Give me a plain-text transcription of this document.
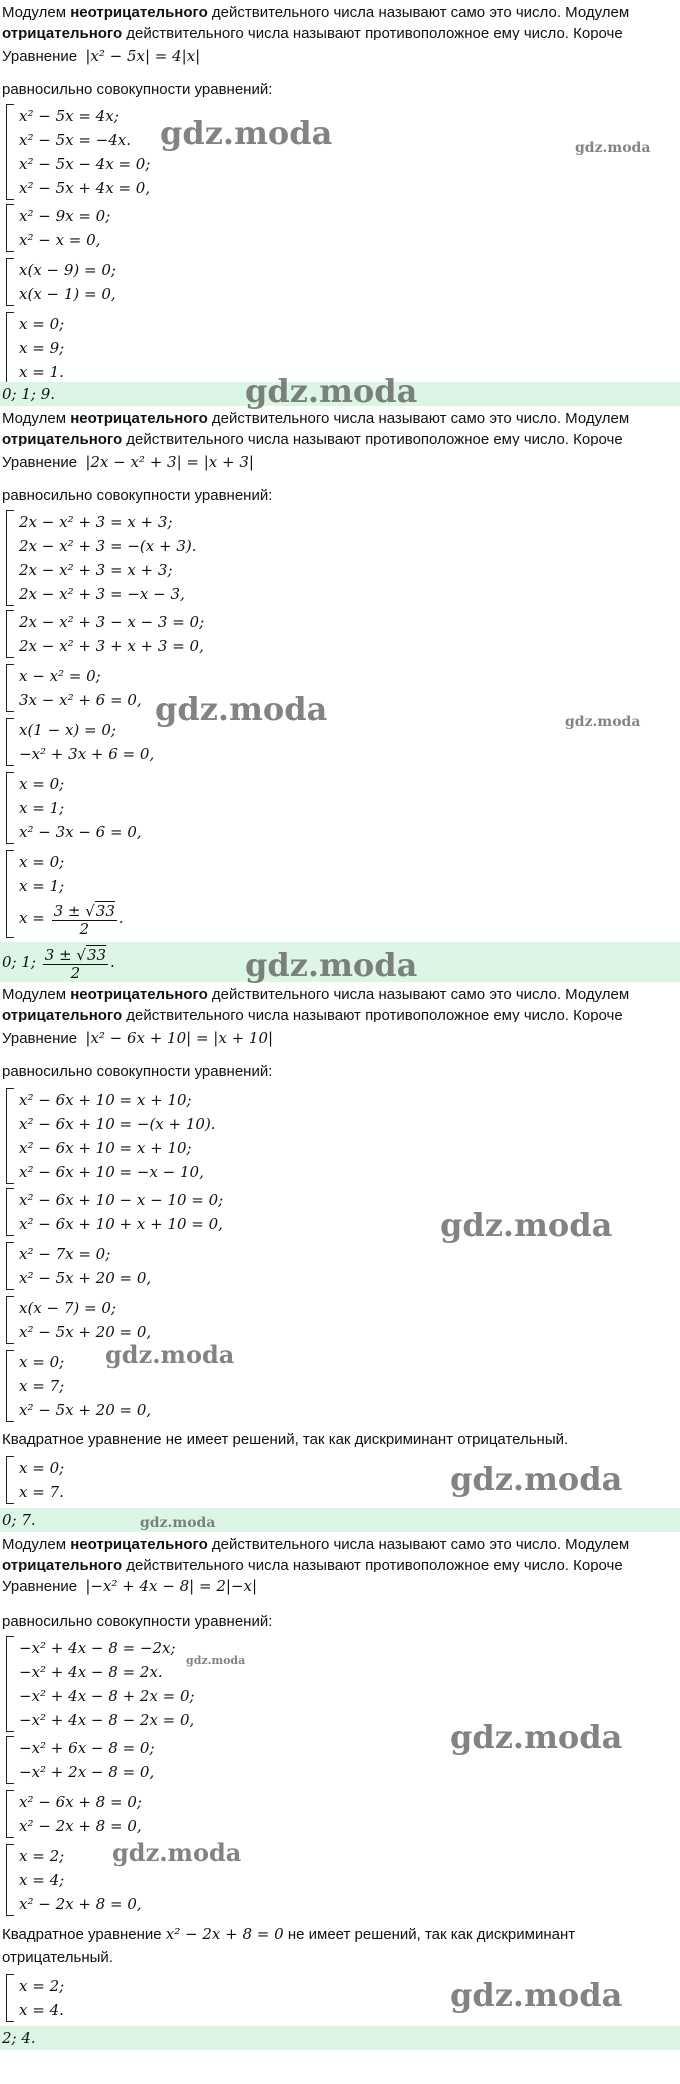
Модулем неотрицательного действительного числа называют само это число. Модулем отрицательного действительного числа называют противоположное ему число. Короче
Уравнение |x² − 5x| = 4|x|
равносильно совокупности уравнений:
x² − 5x = 4x;
x² − 5x = −4x.
x² − 5x − 4x = 0;
x² − 5x + 4x = 0,
x² − 9x = 0;
x² − x = 0,
x(x − 9) = 0;
x(x − 1) = 0,
x = 0;
x = 9;
x = 1.
0; 1; 9.
gdz.moda	gdz.moda
gdz.moda
Модулем неотрицательного действительного числа называют само это число. Модулем отрицательного действительного числа называют противоположное ему число. Короче
Уравнение |2x − x² + 3| = |x + 3|
равносильно совокупности уравнений:
2x − x² + 3 = x + 3;
2x − x² + 3 = −(x + 3).
2x − x² + 3 = x + 3;
2x − x² + 3 = −x − 3,
2x − x² + 3 − x − 3 = 0;
2x − x² + 3 + x + 3 = 0,
x − x² = 0;
3x − x² + 6 = 0,
x(1 − x) = 0;
−x² + 3x + 6 = 0,
x = 0;
x = 1;
x² − 3x − 6 = 0,
x = 0;
x = 1;
$x = \frac{3 \pm √33}{2}$ .
0; 1; $\frac{3 \pm √33}{2}$ .
gdz.moda	gdz.moda
gdz.moda
Модулем неотрицательного действительного числа называют само это число. Модулем отрицательного действительного числа называют противоположное ему число. Короче
Уравнение |x² − 6x + 10| = |x + 10|
равносильно совокупности уравнений:
x² − 6x + 10 = x + 10;
x² − 6x + 10 = −(x + 10).
x² − 6x + 10 = x + 10;
x² − 6x + 10 = −x − 10,
x² − 6x + 10 − x − 10 = 0;
x² − 6x + 10 + x + 10 = 0,
x² − 7x = 0;
x² − 5x + 20 = 0,
x(x − 7) = 0;
x² − 5x + 20 = 0,
x = 0;
x = 7;
x² − 5x + 20 = 0,
Квадратное уравнение не имеет решений, так как дискриминант отрицательный.
x = 0;
x = 7.
0; 7.
gdz.moda
gdz.moda
gdz.moda
gdz.moda
Модулем неотрицательного действительного числа называют само это число. Модулем отрицательного действительного числа называют противоположное ему число. Короче
Уравнение |−x² + 4x − 8| = 2|−x|
равносильно совокупности уравнений:
−x² + 4x − 8 = −2x;
−x² + 4x − 8 = 2x.
−x² + 4x − 8 + 2x = 0;
−x² + 4x − 8 − 2x = 0,
−x² + 6x − 8 = 0;
−x² + 2x − 8 = 0,
x² − 6x + 8 = 0;
x² − 2x + 8 = 0,
x = 2;
x = 4;
x² − 2x + 8 = 0,
Квадратное уравнение x² − 2x + 8 = 0 не имеет решений, так как дискриминант
отрицательный.
x = 2;
x = 4.
2; 4.
gdz.moda
gdz.moda
gdz.moda
gdz.moda
